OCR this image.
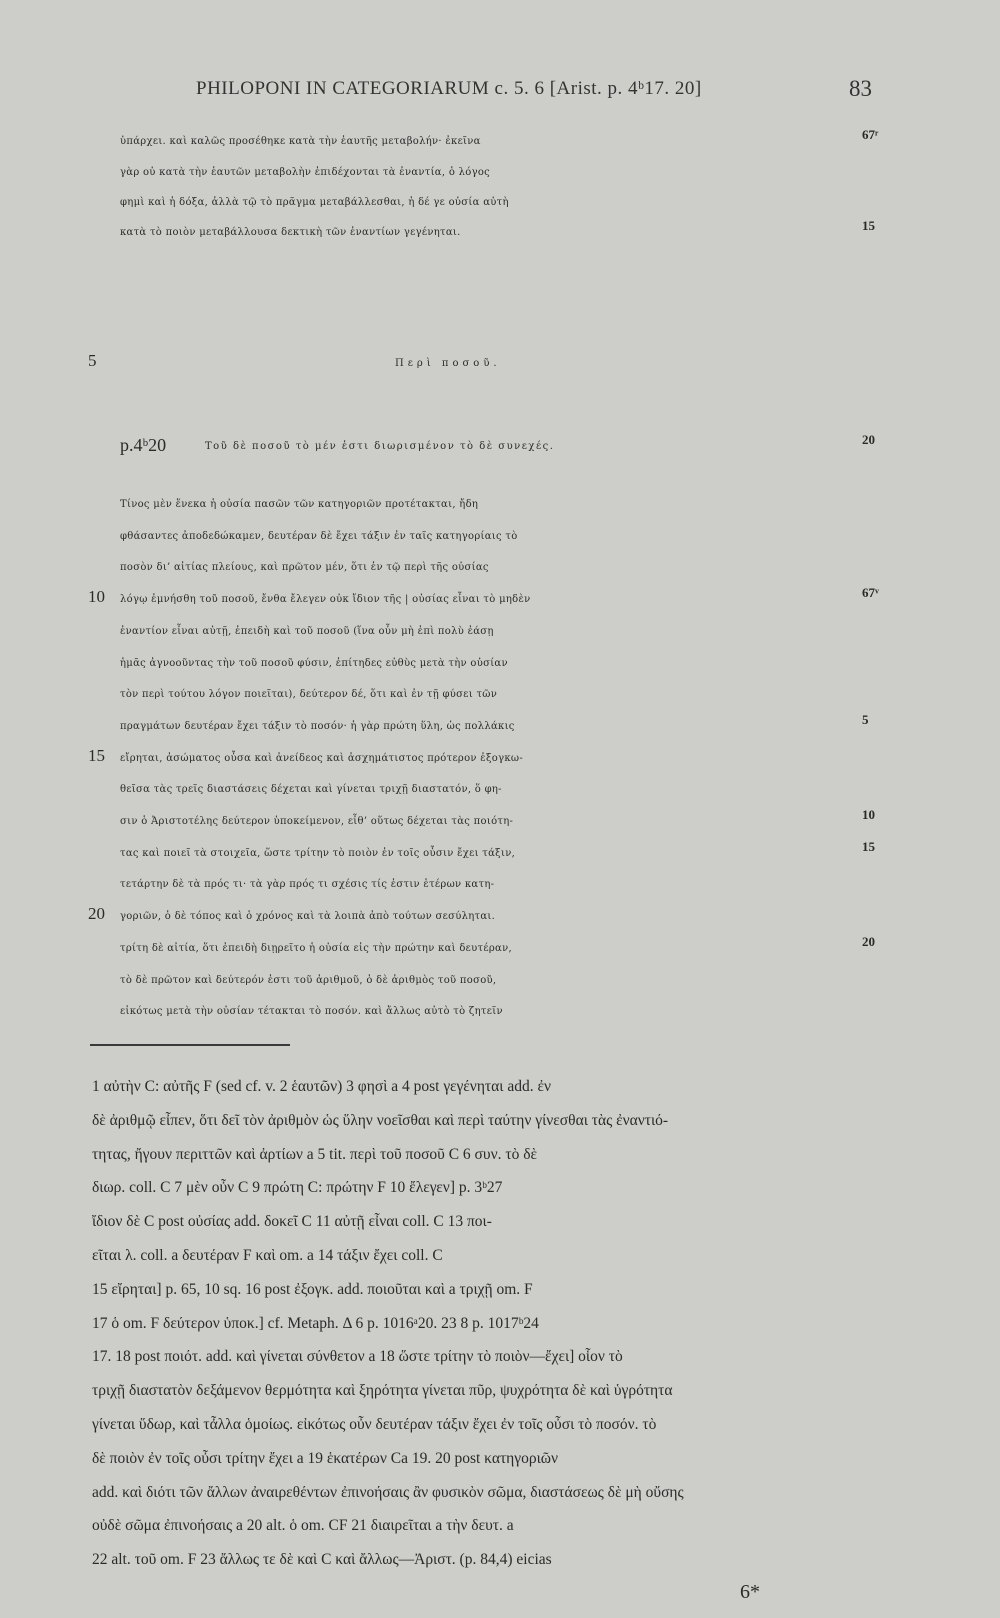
PHILOPONI IN CATEGORIARUM c. 5. 6 [Arist. p. 4ᵇ17. 20]	83
ὑπάρχει. καὶ καλῶς προσέθηκε κατὰ τὴν ἑαυτῆς μεταβολήν· ἐκεῖνα	67ʳ
γὰρ οὐ κατὰ τὴν ἑαυτῶν μεταβολὴν ἐπιδέχονται τὰ ἐναντία, ὁ λόγος
φημὶ καὶ ἡ δόξα, ἀλλὰ τῷ τὸ πρᾶγμα μεταβάλλεσθαι, ἡ δέ γε οὐσία αὐτὴ
κατὰ τὸ ποιὸν μεταβάλλουσα δεκτικὴ τῶν ἐναντίων γεγένηται.	15
5	Περὶ ποσοῦ.
p.4ᵇ20	Τοῦ δὲ ποσοῦ τὸ μέν ἐστι διωρισμένον τὸ δὲ συνεχές.	20
Τίνος μὲν ἕνεκα ἡ οὐσία πασῶν τῶν κατηγοριῶν προτέτακται, ἤδη
φθάσαντες ἀποδεδώκαμεν, δευτέραν δὲ ἔχει τάξιν ἐν ταῖς κατηγορίαις τὸ
ποσὸν δι’ αἰτίας πλείους, καὶ πρῶτον μέν, ὅτι ἐν τῷ περὶ τῆς οὐσίας
10 λόγῳ ἐμνήσθη τοῦ ποσοῦ, ἔνθα ἔλεγεν οὐκ ἴδιον τῆς | οὐσίας εἶναι τὸ μηδὲν	67ᵛ
ἐναντίον εἶναι αὐτῇ, ἐπειδὴ καὶ τοῦ ποσοῦ (ἵνα οὖν μὴ ἐπὶ πολὺ ἐάσῃ
ἡμᾶς ἀγνοοῦντας τὴν τοῦ ποσοῦ φύσιν, ἐπίτηδες εὐθὺς μετὰ τὴν οὐσίαν
τὸν περὶ τούτου λόγον ποιεῖται), δεύτερον δέ, ὅτι καὶ ἐν τῇ φύσει τῶν
πραγμάτων δευτέραν ἔχει τάξιν τὸ ποσόν· ἡ γὰρ πρώτη ὕλη, ὡς πολλάκις	5
15 εἴρηται, ἀσώματος οὖσα καὶ ἀνείδεος καὶ ἀσχημάτιστος πρότερον ἐξογκω-
θεῖσα τὰς τρεῖς διαστάσεις δέχεται καὶ γίνεται τριχῇ διαστατόν, ὅ φη-
σιν ὁ Ἀριστοτέλης δεύτερον ὑποκείμενον, εἶθ’ οὕτως δέχεται τὰς ποιότη-	10
τας καὶ ποιεῖ τὰ στοιχεῖα, ὥστε τρίτην τὸ ποιὸν ἐν τοῖς οὖσιν ἔχει τάξιν,	15
τετάρτην δὲ τὰ πρός τι· τὰ γὰρ πρός τι σχέσις τίς ἐστιν ἑτέρων κατη-
20 γοριῶν, ὁ δὲ τόπος καὶ ὁ χρόνος καὶ τὰ λοιπὰ ἀπὸ τούτων σεσύληται.
τρίτη δὲ αἰτία, ὅτι ἐπειδὴ διῃρεῖτο ἡ οὐσία εἰς τὴν πρώτην καὶ δευτέραν,	20
τὸ δὲ πρῶτον καὶ δεύτερόν ἐστι τοῦ ἀριθμοῦ, ὁ δὲ ἀριθμὸς τοῦ ποσοῦ,
εἰκότως μετὰ τὴν οὐσίαν τέτακται τὸ ποσόν. καὶ ἄλλως αὐτὸ τὸ ζητεῖν
1 αὐτὴν C: αὐτῆς F (sed cf. v. 2 ἑαυτῶν) 3 φησὶ a 4 post γεγένηται add. ἐν
δὲ ἀριθμῷ εἶπεν, ὅτι δεῖ τὸν ἀριθμὸν ὡς ὕλην νοεῖσθαι καὶ περὶ ταύτην γίνεσθαι τὰς ἐναντιό-
τητας, ἤγουν περιττῶν καὶ ἀρτίων a 5 tit. περὶ τοῦ ποσοῦ C 6 συν. τὸ δὲ
διωρ. coll. C 7 μὲν οὖν C 9 πρώτη C: πρώτην F 10 ἔλεγεν] p. 3ᵇ27
ἴδιον δὲ C post οὐσίας add. δοκεῖ C 11 αὐτῇ εἶναι coll. C 13 ποι-
εῖται λ. coll. a δευτέραν F καὶ om. a 14 τάξιν ἔχει coll. C
15 εἴρηται] p. 65, 10 sq. 16 post ἐξογκ. add. ποιοῦται καὶ a τριχῇ om. F
17 ὁ om. F δεύτερον ὑποκ.] cf. Metaph. Δ 6 p. 1016ᵃ20. 23 8 p. 1017ᵇ24
17. 18 post ποιότ. add. καὶ γίνεται σύνθετον a 18 ὥστε τρίτην τὸ ποιὸν—ἔχει] οἷον τὸ
τριχῇ διαστατὸν δεξάμενον θερμότητα καὶ ξηρότητα γίνεται πῦρ, ψυχρότητα δὲ καὶ ὑγρότητα
γίνεται ὕδωρ, καὶ τἆλλα ὁμοίως. εἰκότως οὖν δευτέραν τάξιν ἔχει ἐν τοῖς οὖσι τὸ ποσόν. τὸ
δὲ ποιὸν ἐν τοῖς οὖσι τρίτην ἔχει a 19 ἑκατέρων Ca 19. 20 post κατηγοριῶν
add. καὶ διότι τῶν ἄλλων ἀναιρεθέντων ἐπινοήσαις ἂν φυσικὸν σῶμα, διαστάσεως δὲ μὴ οὔσης
οὐδὲ σῶμα ἐπινοήσαις a 20 alt. ὁ om. CF 21 διαιρεῖται a τὴν δευτ. a
22 alt. τοῦ om. F 23 ἄλλως τε δὲ καὶ C καὶ ἄλλως—Ἀριστ. (p. 84,4) eicias
6*
